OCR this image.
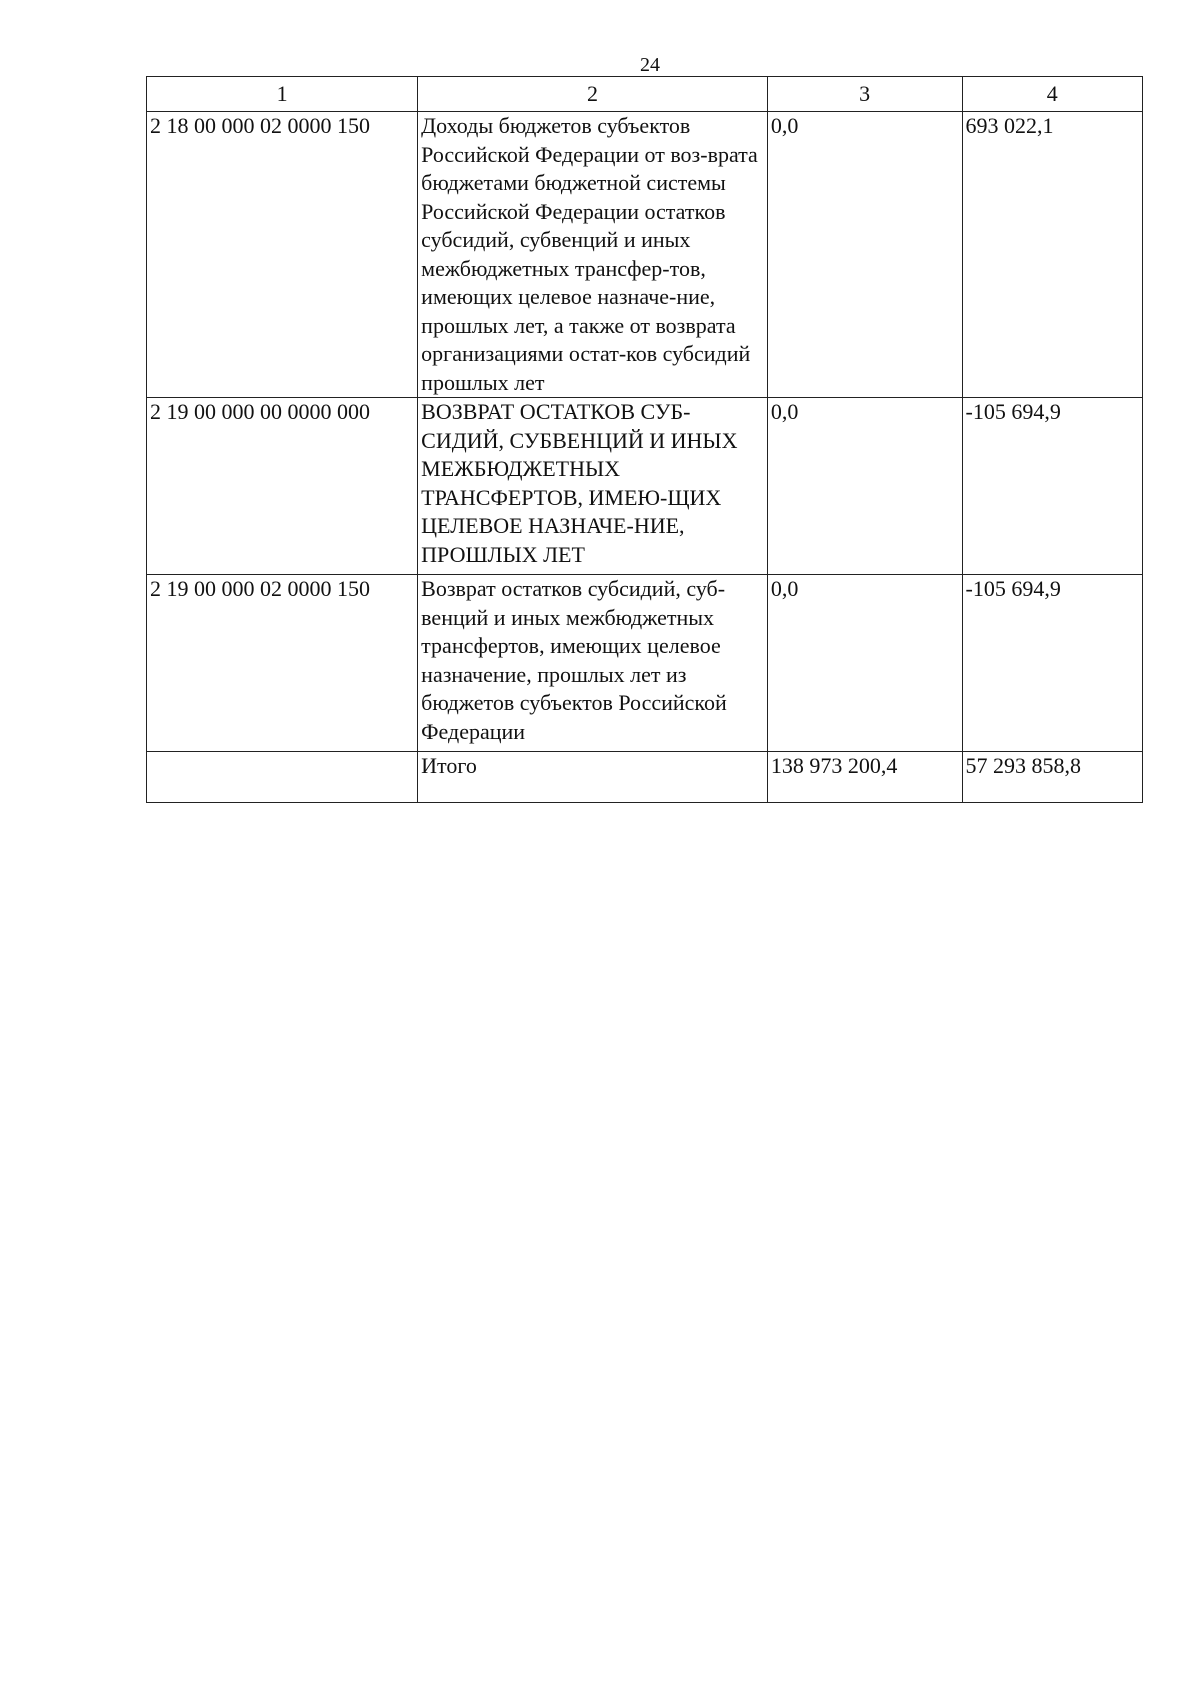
24
1	2	3	4
2 18 00 000 02 0000 150	Доходы бюджетов субъектов Российской Федерации от воз-врата бюджетами бюджетной системы Российской Федерации остатков субсидий, субвенций и иных межбюджетных трансфер-тов, имеющих целевое назначе-ние, прошлых лет, а также от возврата организациями остат-ков субсидий прошлых лет	0,0	693 022,1
2 19 00 000 00 0000 000	ВОЗВРАТ ОСТАТКОВ СУБ-СИДИЙ, СУБВЕНЦИЙ И ИНЫХ МЕЖБЮДЖЕТНЫХ ТРАНСФЕРТОВ, ИМЕЮ-ЩИХ ЦЕЛЕВОЕ НАЗНАЧЕ-НИЕ, ПРОШЛЫХ ЛЕТ	0,0	-105 694,9
2 19 00 000 02 0000 150	Возврат остатков субсидий, суб-венций и иных межбюджетных трансфертов, имеющих целевое назначение, прошлых лет из бюджетов субъектов Российской Федерации	0,0	-105 694,9
	Итого	138 973 200,4	57 293 858,8
